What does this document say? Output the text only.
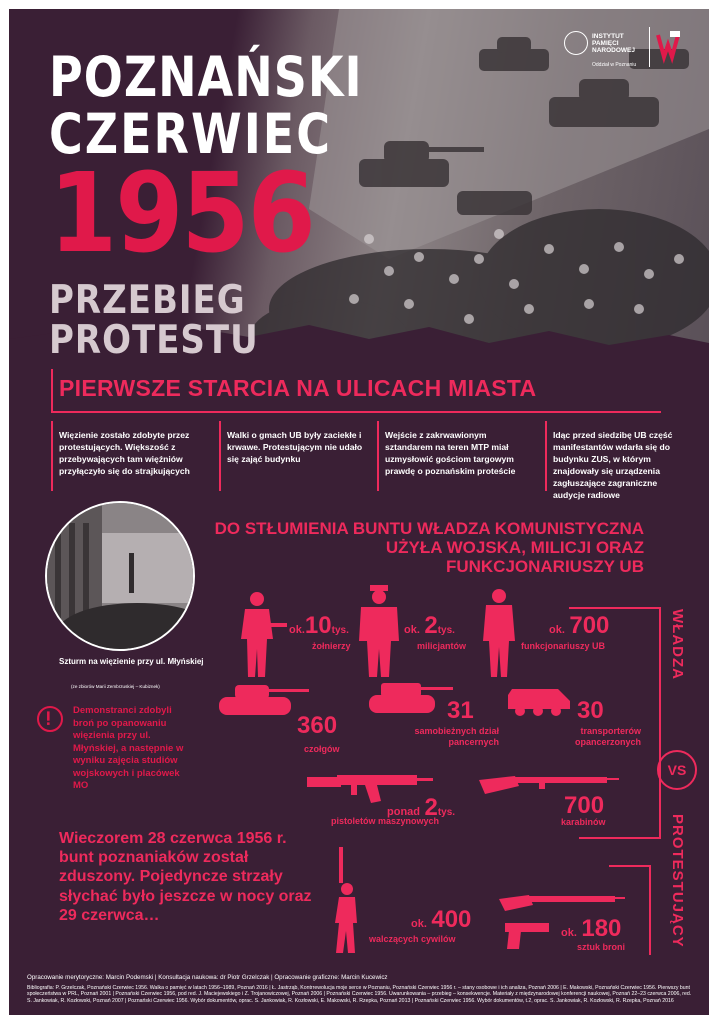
POZNAŃSKI
CZERWIEC
1956
PRZEBIEG
PROTESTU
INSTYTUT PAMIĘCI NARODOWEJ
Oddział w Poznaniu
PIERWSZE STARCIA NA ULICACH MIASTA
Więzienie zostało zdobyte przez protestujących. Większość z przebywających tam więźniów przyłączyło się do strajkujących
Walki o gmach UB były zaciekłe i krwawe. Protestującym nie udało się zająć budynku
Wejście z zakrwawionym sztandarem na teren MTP miał uzmysłowić gościom targowym prawdę o poznańskim proteście
Idąc przed siedzibę UB część manifestantów wdarła się do budynku ZUS, w którym znajdowały się urządzenia zagłuszające zagraniczne audycje radiowe
DO STŁUMIENIA BUNTU WŁADZA KOMUNISTYCZNA UŻYŁA WOJSKA, MILICJI ORAZ FUNKCJONARIUSZY UB
Szturm na więzienie przy ul. Młyńskiej
(ze zbiorów Marii Zembrzuskiej – Kubiznek)
Demonstranci zdobyli broń po opanowaniu więzienia przy ul. Młyńskiej, a następnie w wyniku zajęcia studiów wojskowych i placówek MO
ok.10tys.
żołnierzy
ok. 2tys.
milicjantów
ok. 700
funkcjonariuszy UB
360
czołgów
31
samobieżnych dział pancernych
30
transporterów opancerzonych
ponad 2tys.
pistoletów maszynowych
700
karabinów
WŁADZA
VS
PROTESTUJĄCY
ok. 400
walczących cywilów	ok. 180
sztuk broni
Wieczorem 28 czerwca 1956 r. bunt poznaniaków został zduszony. Pojedyncze strzały słychać było jeszcze w nocy oraz 29 czerwca…
Opracowanie merytoryczne: Marcin Podemski | Konsultacja naukowa: dr Piotr Grzelczak | Opracowanie graficzne: Marcin Kucewicz
Bibliografia: P. Grzelczak, Poznański Czerwiec 1956. Walka o pamięć w latach 1956–1989, Poznań 2016 | Ł. Jastrząb, Kontrrewolucja moje serce w Poznaniu, Poznański Czerwiec 1956 r. – stany osobowe i ich analiza, Poznań 2006 | E. Makowski, Poznański Czerwiec 1956. Pierwszy bunt społeczeństwa w PRL, Poznań 2001 | Poznański Czerwiec 1956, pod red. J. Maciejewskiego i Z. Trojanowiczowej, Poznań 2006 | Poznański Czerwiec 1956. Uwarunkowania – przebieg – konsekwencje. Materiały z międzynarodowej konferencji naukowej, Poznań 22–23 czerwca 2006, red. S. Jankowiak, R. Kozłowski, Poznań 2007 | Poznański Czerwiec 1956. Wybór dokumentów, oprac. S. Jankowiak, R. Kozłowski, E. Makowski, R. Rzepka, Poznań 2013 | Poznański Czerwiec 1956. Wybór dokumentów, t.2, oprac. S. Jankowiak, R. Kozłowski, R. Rzepka, Poznań 2016
